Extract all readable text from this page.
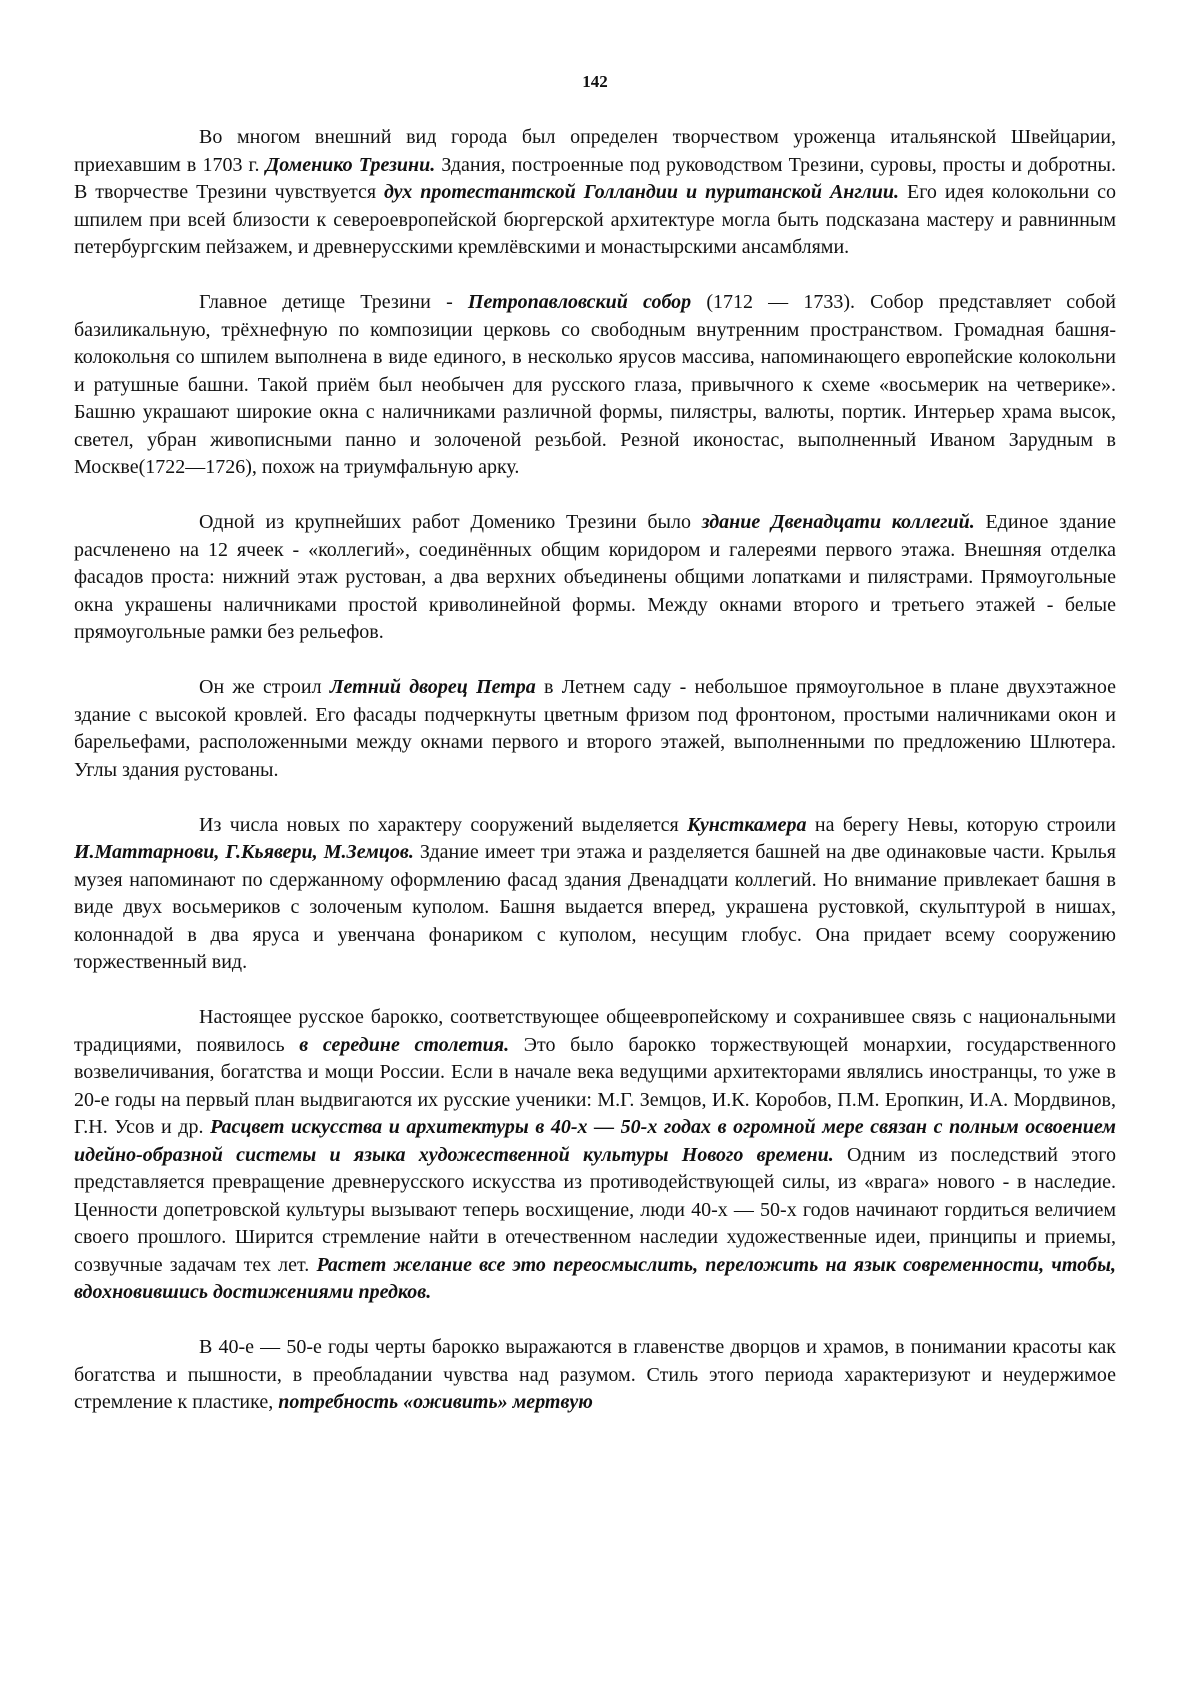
142

Во многом внешний вид города был определен творчеством уроженца итальянской Швейцарии, приехавшим в 1703 г. Доменико Трезини. Здания, построенные под руководством Трезини, суровы, просты и добротны. В творчестве Трезини чувствуется дух протестантской Голландии и пуританской Англии. Его идея колокольни со шпилем при всей близости к североевропейской бюргерской архитектуре могла быть подсказана мастеру и равнинным петербургским пейзажем, и древнерусскими кремлёвскими и монастырскими ансамблями.

Главное детище Трезини - Петропавловский собор (1712 — 1733). Собор представляет собой базиликальную, трёхнефную по композиции церковь со свободным внутренним пространством. Громадная башня-колокольня со шпилем выполнена в виде единого, в несколько ярусов массива, напоминающего европейские колокольни и ратушные башни. Такой приём был необычен для русского глаза, привычного к схеме «восьмерик на четверике». Башню украшают широкие окна с наличниками различной формы, пилястры, валюты, портик. Интерьер храма высок, светел, убран живописными панно и золоченой резьбой. Резной иконостас, выполненный Иваном Зарудным в Москве(1722—1726), похож на триумфальную арку.

Одной из крупнейших работ Доменико Трезини было здание Двенадцати коллегий. Единое здание расчленено на 12 ячеек - «коллегий», соединённых общим коридором и галереями первого этажа. Внешняя отделка фасадов проста: нижний этаж рустован, а два верхних объединены общими лопатками и пилястрами. Прямоугольные окна украшены наличниками простой криволинейной формы. Между окнами второго и третьего этажей - белые прямоугольные рамки без рельефов.

Он же строил Летний дворец Петра в Летнем саду - небольшое прямоугольное в плане двухэтажное здание с высокой кровлей. Его фасады подчеркнуты цветным фризом под фронтоном, простыми наличниками окон и барельефами, расположенными между окнами первого и второго этажей, выполненными по предложению Шлютера. Углы здания рустованы.

Из числа новых по характеру сооружений выделяется Кунсткамера на берегу Невы, которую строили И.Маттарнови, Г.Кьявери, М.Земцов. Здание имеет три этажа и разделяется башней на две одинаковые части. Крылья музея напоминают по сдержанному оформлению фасад здания Двенадцати коллегий. Но внимание привлекает башня в виде двух восьмериков с золоченым куполом. Башня выдается вперед, украшена рустовкой, скульптурой в нишах, колоннадой в два яруса и увенчана фонариком с куполом, несущим глобус. Она придает всему сооружению торжественный вид.

Настоящее русское барокко, соответствующее общеевропейскому и сохранившее связь с национальными традициями, появилось в середине столетия. Это было барокко торжествующей монархии, государственного возвеличивания, богатства и мощи России. Если в начале века ведущими архитекторами являлись иностранцы, то уже в 20-е годы на первый план выдвигаются их русские ученики: М.Г. Земцов, И.К. Коробов, П.М. Еропкин, И.А. Мордвинов, Г.Н. Усов и др. Расцвет искусства и архитектуры в 40-х — 50-х годах в огромной мере связан с полным освоением идейно-образной системы и языка художественной культуры Нового времени. Одним из последствий этого представляется превращение древнерусского искусства из противодействующей силы, из «врага» нового - в наследие. Ценности допетровской культуры вызывают теперь восхищение, люди 40-х — 50-х годов начинают гордиться величием своего прошлого. Ширится стремление найти в отечественном наследии художественные идеи, принципы и приемы, созвучные задачам тех лет. Растет желание все это переосмыслить, переложить на язык современности, чтобы, вдохновившись достижениями предков.

В 40-е — 50-е годы черты барокко выражаются в главенстве дворцов и храмов, в понимании красоты как богатства и пышности, в преобладании чувства над разумом. Стиль этого периода характеризуют и неудержимое стремление к пластике, потребность «оживить» мертвую
